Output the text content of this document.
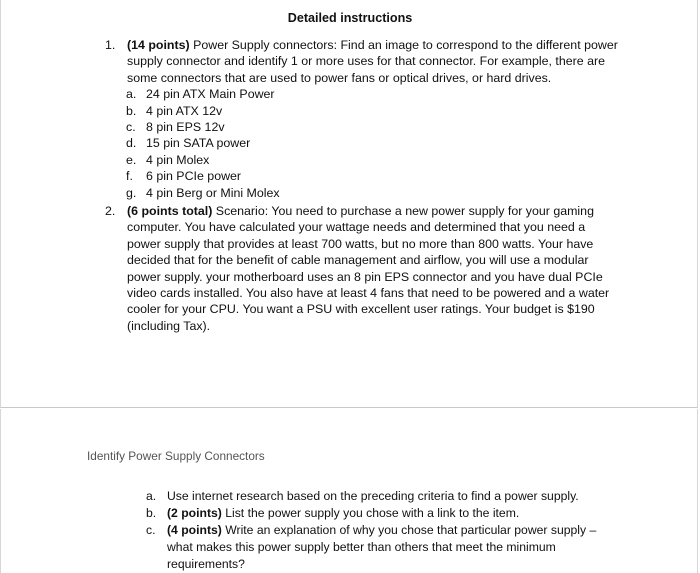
Detailed instructions
1. (14 points) Power Supply connectors: Find an image to correspond to the different power supply connector and identify 1 or more uses for that connector. For example, there are some connectors that are used to power fans or optical drives, or hard drives.
a. 24 pin ATX Main Power
b. 4 pin ATX 12v
c. 8 pin EPS 12v
d. 15 pin SATA power
e. 4 pin Molex
f. 6 pin PCIe power
g. 4 pin Berg or Mini Molex
2. (6 points total) Scenario: You need to purchase a new power supply for your gaming computer. You have calculated your wattage needs and determined that you need a power supply that provides at least 700 watts, but no more than 800 watts. Your have decided that for the benefit of cable management and airflow, you will use a modular power supply. your motherboard uses an 8 pin EPS connector and you have dual PCIe video cards installed. You also have at least 4 fans that need to be powered and a water cooler for your CPU. You want a PSU with excellent user ratings. Your budget is $190 (including Tax).
Identify Power Supply Connectors
a. Use internet research based on the preceding criteria to find a power supply.
b. (2 points) List the power supply you chose with a link to the item.
c. (4 points) Write an explanation of why you chose that particular power supply – what makes this power supply better than others that meet the minimum requirements?
